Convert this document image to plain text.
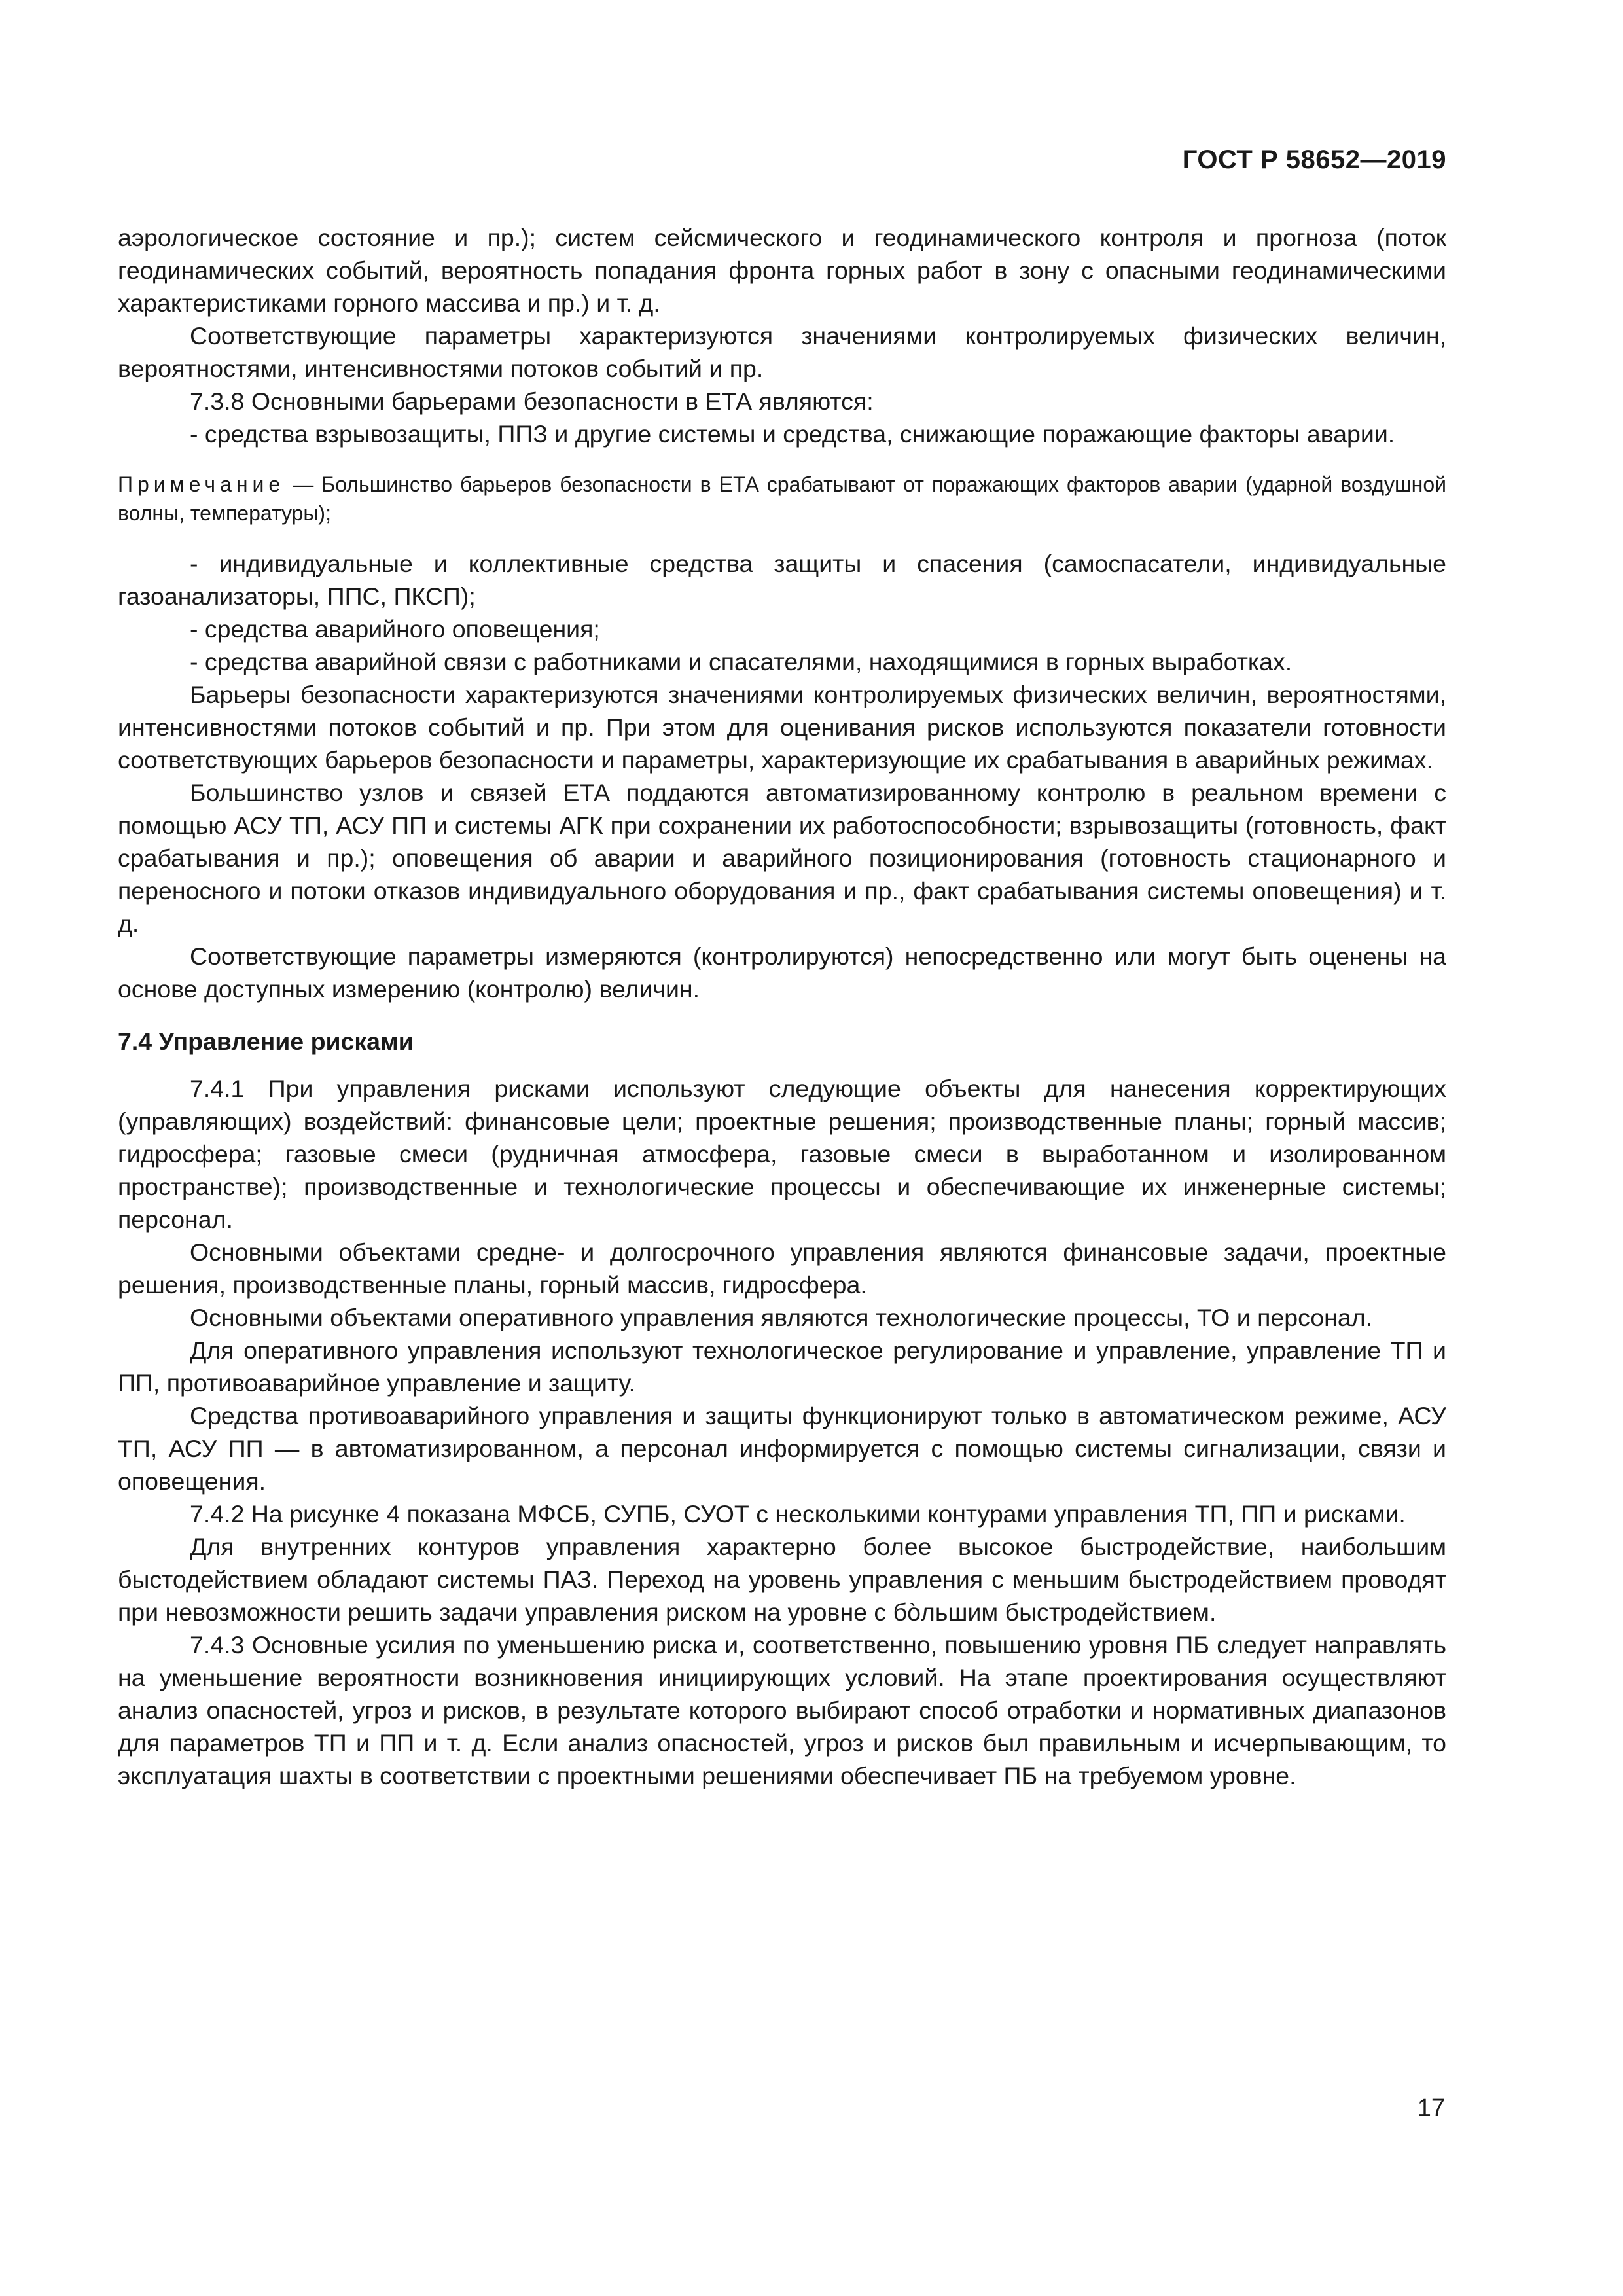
ГОСТ Р 58652—2019

аэрологическое состояние и пр.); систем сейсмического и геодинамического контроля и прогноза (поток геодинамических событий, вероятность попадания фронта горных работ в зону с опасными геодинамическими характеристиками горного массива и пр.) и т. д.

Соответствующие параметры характеризуются значениями контролируемых физических величин, вероятностями, интенсивностями потоков событий и пр.

7.3.8 Основными барьерами безопасности в ЕТА являются:

- средства взрывозащиты, ППЗ и другие системы и средства, снижающие поражающие факторы аварии.

Примечание — Большинство барьеров безопасности в ЕТА срабатывают от поражающих факторов аварии (ударной воздушной волны, температуры);

- индивидуальные и коллективные средства защиты и спасения (самоспасатели, индивидуальные газоанализаторы, ППС, ПКСП);

- средства аварийного оповещения;

- средства аварийной связи с работниками и спасателями, находящимися в горных выработках.

Барьеры безопасности характеризуются значениями контролируемых физических величин, вероятностями, интенсивностями потоков событий и пр. При этом для оценивания рисков используются показатели готовности соответствующих барьеров безопасности и параметры, характеризующие их срабатывания в аварийных режимах.

Большинство узлов и связей ЕТА поддаются автоматизированному контролю в реальном времени с помощью АСУ ТП, АСУ ПП и системы АГК при сохранении их работоспособности; взрывозащиты (готовность, факт срабатывания и пр.); оповещения об аварии и аварийного позиционирования (готовность стационарного и переносного и потоки отказов индивидуального оборудования и пр., факт срабатывания системы оповещения) и т. д.

Соответствующие параметры измеряются (контролируются) непосредственно или могут быть оценены на основе доступных измерению (контролю) величин.

7.4 Управление рисками

7.4.1 При управления рисками используют следующие объекты для нанесения корректирующих (управляющих) воздействий: финансовые цели; проектные решения; производственные планы; горный массив; гидросфера; газовые смеси (рудничная атмосфера, газовые смеси в выработанном и изолированном пространстве); производственные и технологические процессы и обеспечивающие их инженерные системы; персонал.

Основными объектами средне- и долгосрочного управления являются финансовые задачи, проектные решения, производственные планы, горный массив, гидросфера.

Основными объектами оперативного управления являются технологические процессы, ТО и персонал.

Для оперативного управления используют технологическое регулирование и управление, управление ТП и ПП, противоаварийное управление и защиту.

Средства противоаварийного управления и защиты функционируют только в автоматическом режиме, АСУ ТП, АСУ ПП — в автоматизированном, а персонал информируется с помощью системы сигнализации, связи и оповещения.

7.4.2 На рисунке 4 показана МФСБ, СУПБ, СУОТ с несколькими контурами управления ТП, ПП и рисками.

Для внутренних контуров управления характерно более высокое быстродействие, наибольшим быстодействием обладают системы ПАЗ. Переход на уровень управления с меньшим быстродействием проводят при невозможности решить задачи управления риском на уровне с бо̀льшим быстродействием.

7.4.3 Основные усилия по уменьшению риска и, соответственно, повышению уровня ПБ следует направлять на уменьшение вероятности возникновения инициирующих условий. На этапе проектирования осуществляют анализ опасностей, угроз и рисков, в результате которого выбирают способ отработки и нормативных диапазонов для параметров ТП и ПП и т. д. Если анализ опасностей, угроз и рисков был правильным и исчерпывающим, то эксплуатация шахты в соответствии с проектными решениями обеспечивает ПБ на требуемом уровне.

17
